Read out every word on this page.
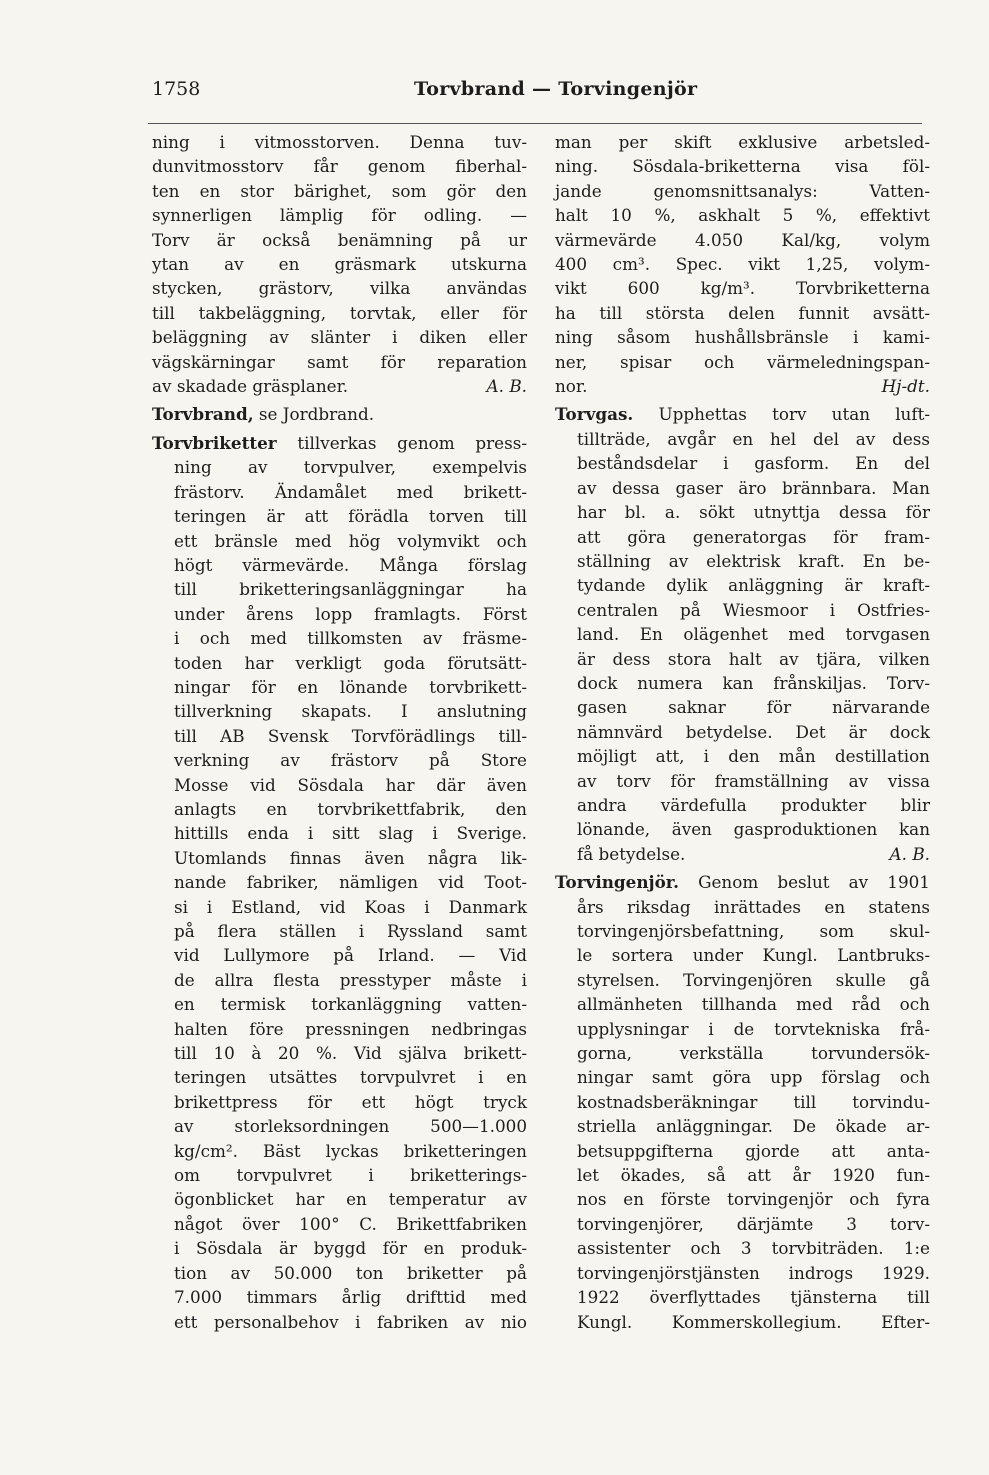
1758	Torvbrand — Torvingenjör
ning i vitmosstorven. Denna tuv-
dunvitmosstorv får genom fiberhal-
ten en stor bärighet, som gör den
synnerligen lämplig för odling. —
Torv är också benämning på ur
ytan av en gräsmark utskurna
stycken, grästorv, vilka användas
till takbeläggning, torvtak, eller för
beläggning av slänter i diken eller
vägskärningar samt för reparation
av skadade gräsplaner.	A. B.
Torvbrand, se Jordbrand.
Torvbriketter tillverkas genom press-
ning av torvpulver, exempelvis
frästorv. Ändamålet med brikett-
teringen är att förädla torven till
ett bränsle med hög volymvikt och
högt värmevärde. Många förslag
till briketteringsanläggningar ha
under årens lopp framlagts. Först
i och med tillkomsten av fräsme-
toden har verkligt goda förutsätt-
ningar för en lönande torvbrikett-
tillverkning skapats. I anslutning
till AB Svensk Torvförädlings till-
verkning av frästorv på Store
Mosse vid Sösdala har där även
anlagts en torvbrikettfabrik, den
hittills enda i sitt slag i Sverige.
Utomlands finnas även några lik-
nande fabriker, nämligen vid Toot-
si i Estland, vid Koas i Danmark
på flera ställen i Ryssland samt
vid Lullymore på Irland. — Vid
de allra flesta presstyper måste i
en termisk torkanläggning vatten-
halten före pressningen nedbringas
till 10 à 20 %. Vid själva brikett-
teringen utsättes torvpulvret i en
brikettpress för ett högt tryck
av storleksordningen 500—1.000
kg/cm². Bäst lyckas briketteringen
om torvpulvret i briketterings-
ögonblicket har en temperatur av
något över 100° C. Brikettfabriken
i Sösdala är byggd för en produk-
tion av 50.000 ton briketter på
7.000 timmars årlig drifttid med
ett personalbehov i fabriken av nio
man per skift exklusive arbetsled-
ning. Sösdala-briketterna visa föl-
jande genomsnittsanalys: Vatten-
halt 10 %, askhalt 5 %, effektivt
värmevärde 4.050 Kal/kg, volym
400 cm³. Spec. vikt 1,25, volym-
vikt 600 kg/m³. Torvbriketterna
ha till största delen funnit avsätt-
ning såsom hushållsbränsle i kami-
ner, spisar och värmeledningspan-
nor.	Hj-dt.
Torvgas. Upphettas torv utan luft-
tillträde, avgår en hel del av dess
beståndsdelar i gasform. En del
av dessa gaser äro brännbara. Man
har bl. a. sökt utnyttja dessa för
att göra generatorgas för fram-
ställning av elektrisk kraft. En be-
tydande dylik anläggning är kraft-
centralen på Wiesmoor i Ostfries-
land. En olägenhet med torvgasen
är dess stora halt av tjära, vilken
dock numera kan frånskiljas. Torv-
gasen saknar för närvarande
nämnvärd betydelse. Det är dock
möjligt att, i den mån destillation
av torv för framställning av vissa
andra värdefulla produkter blir
lönande, även gasproduktionen kan
få betydelse.	A. B.
Torvingenjör. Genom beslut av 1901
års riksdag inrättades en statens
torvingenjörsbefattning, som skul-
le sortera under Kungl. Lantbruks-
styrelsen. Torvingenjören skulle gå
allmänheten tillhanda med råd och
upplysningar i de torvtekniska frå-
gorna, verkställa torvundersök-
ningar samt göra upp förslag och
kostnadsberäkningar till torvindu-
striella anläggningar. De ökade ar-
betsuppgifterna gjorde att anta-
let ökades, så att år 1920 fun-
nos en förste torvingenjör och fyra
torvingenjörer, därjämte 3 torv-
assistenter och 3 torvbiträden. 1:e
torvingenjörstjänsten indrogs 1929.
1922 överflyttades tjänsterna till
Kungl. Kommerskollegium. Efter-
